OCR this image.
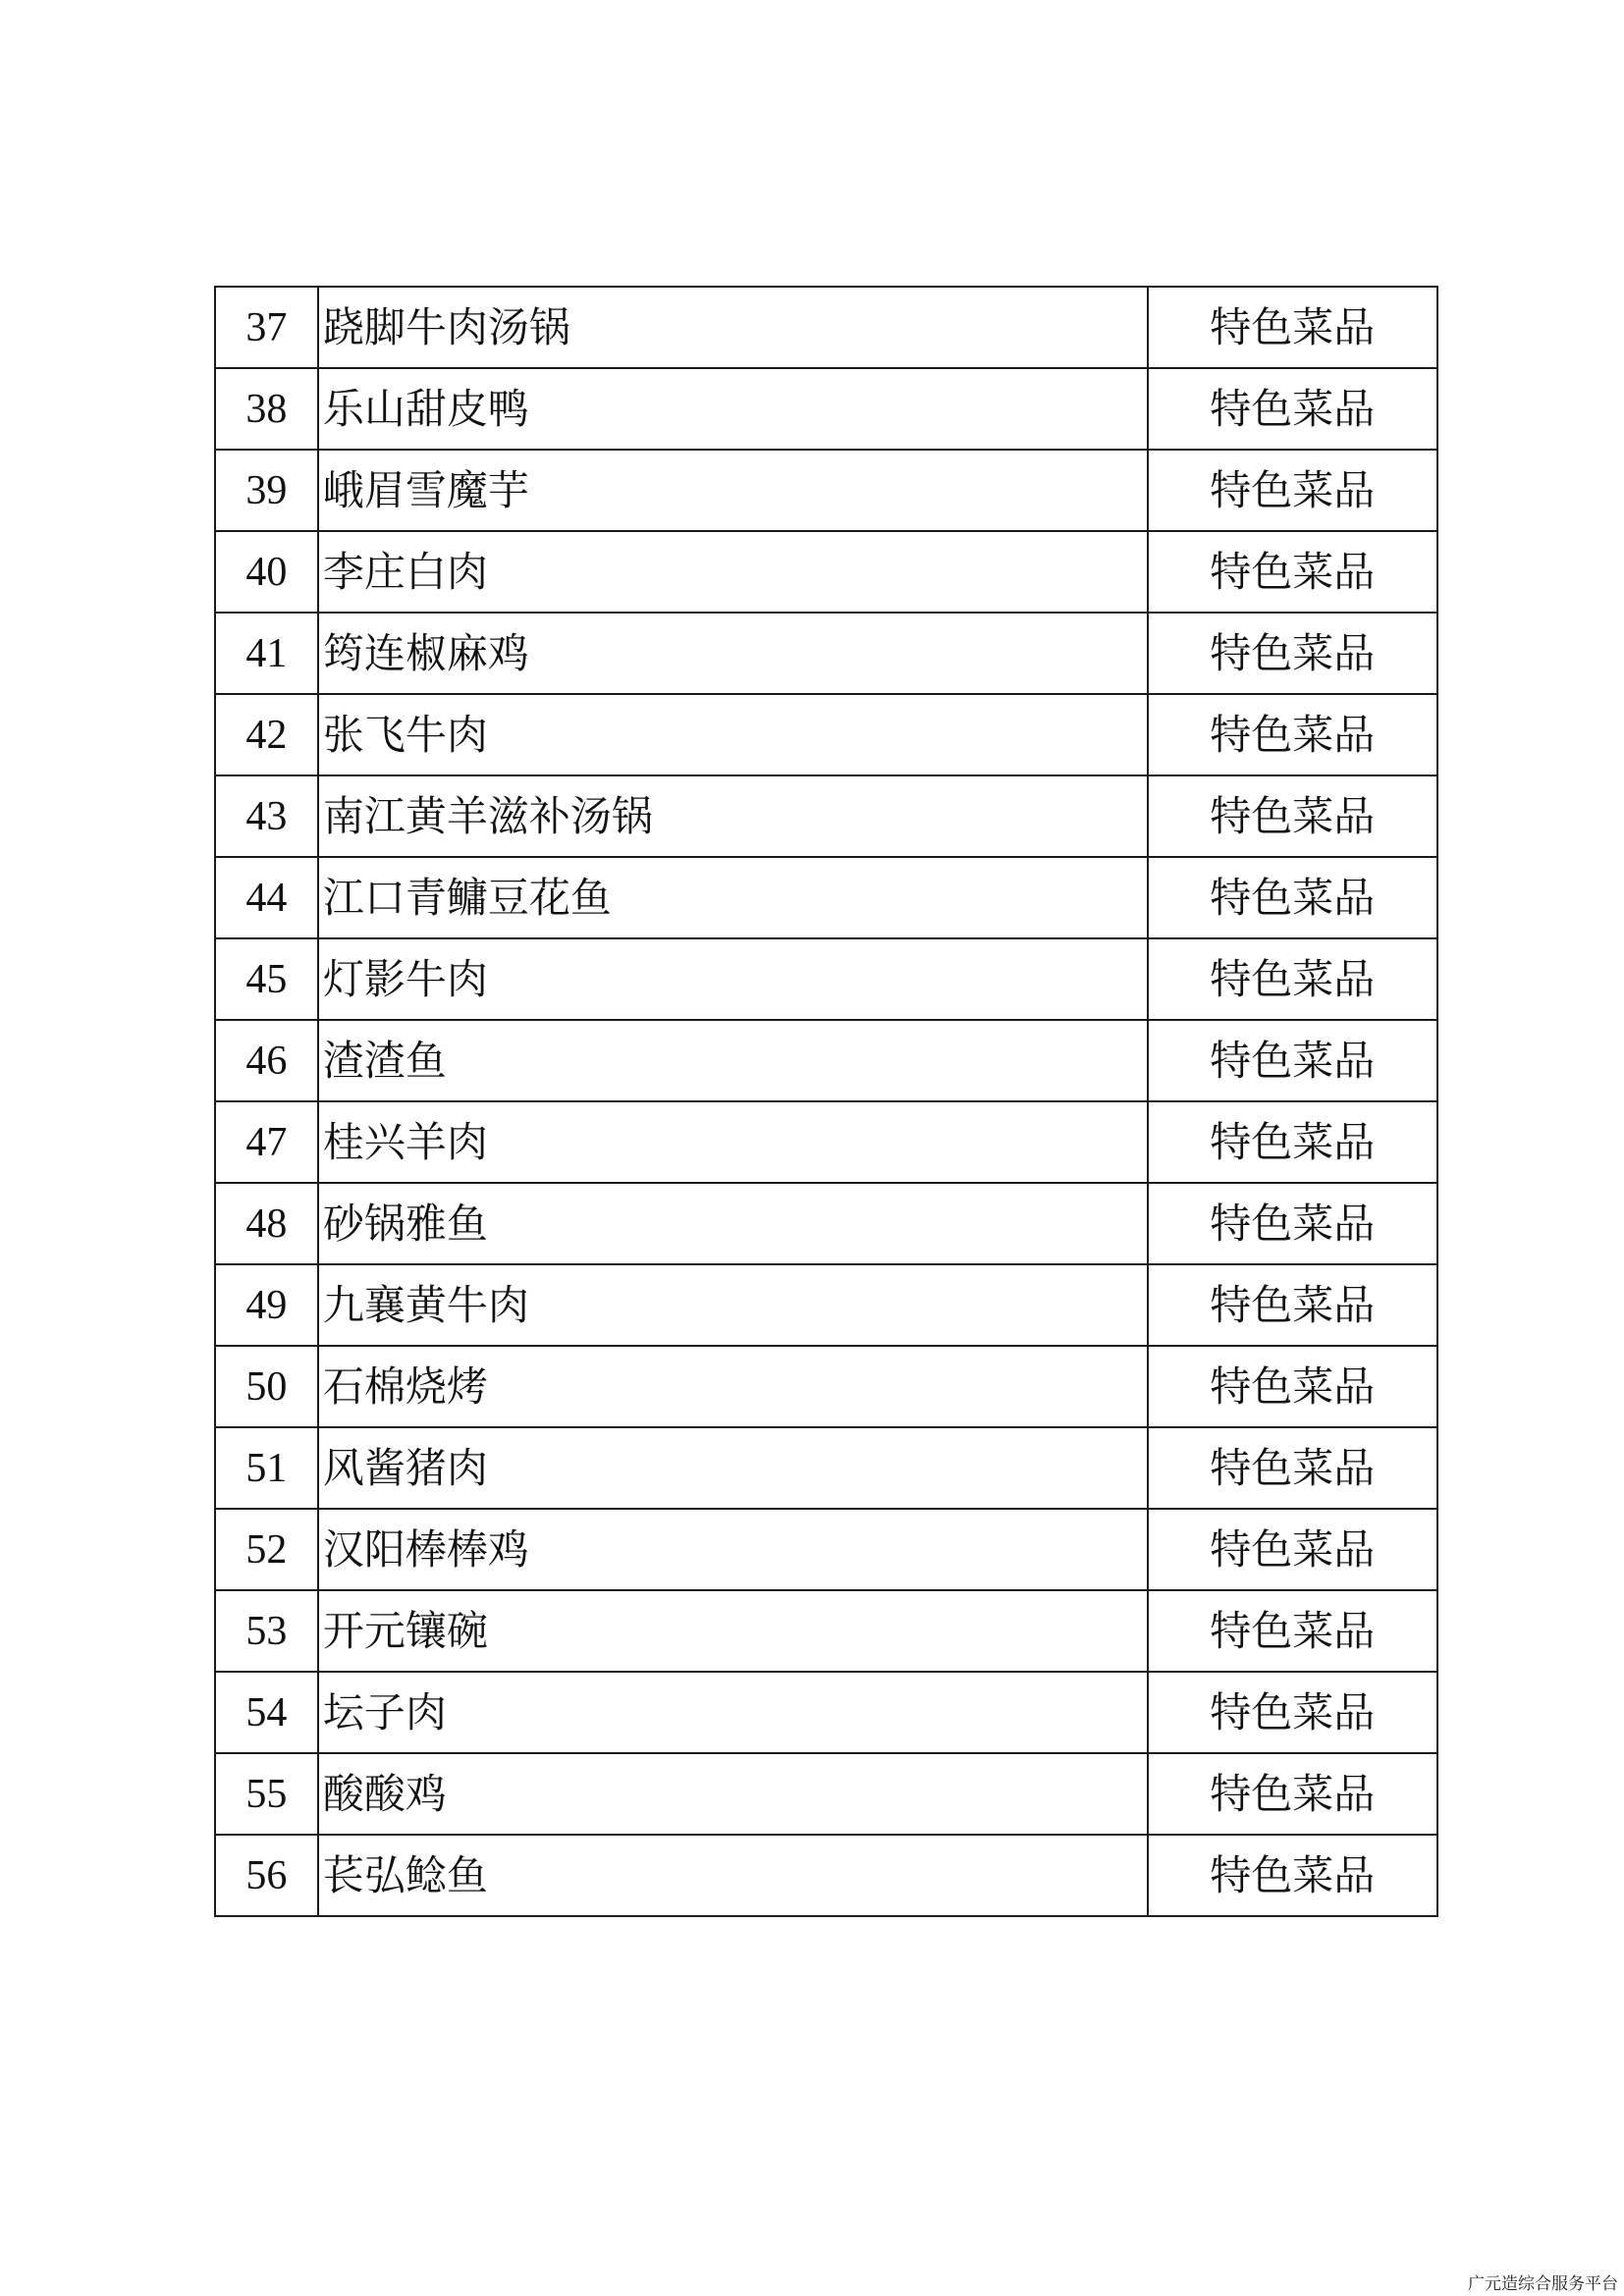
37	跷脚牛肉汤锅	特色菜品
38	乐山甜皮鸭	特色菜品
39	峨眉雪魔芋	特色菜品
40	李庄白肉	特色菜品
41	筠连椒麻鸡	特色菜品
42	张飞牛肉	特色菜品
43	南江黄羊滋补汤锅	特色菜品
44	江口青鳙豆花鱼	特色菜品
45	灯影牛肉	特色菜品
46	渣渣鱼	特色菜品
47	桂兴羊肉	特色菜品
48	砂锅雅鱼	特色菜品
49	九襄黄牛肉	特色菜品
50	石棉烧烤	特色菜品
51	风酱猪肉	特色菜品
52	汉阳棒棒鸡	特色菜品
53	开元镶碗	特色菜品
54	坛子肉	特色菜品
55	酸酸鸡	特色菜品
56	苌弘鲶鱼	特色菜品
广元造综合服务平台
